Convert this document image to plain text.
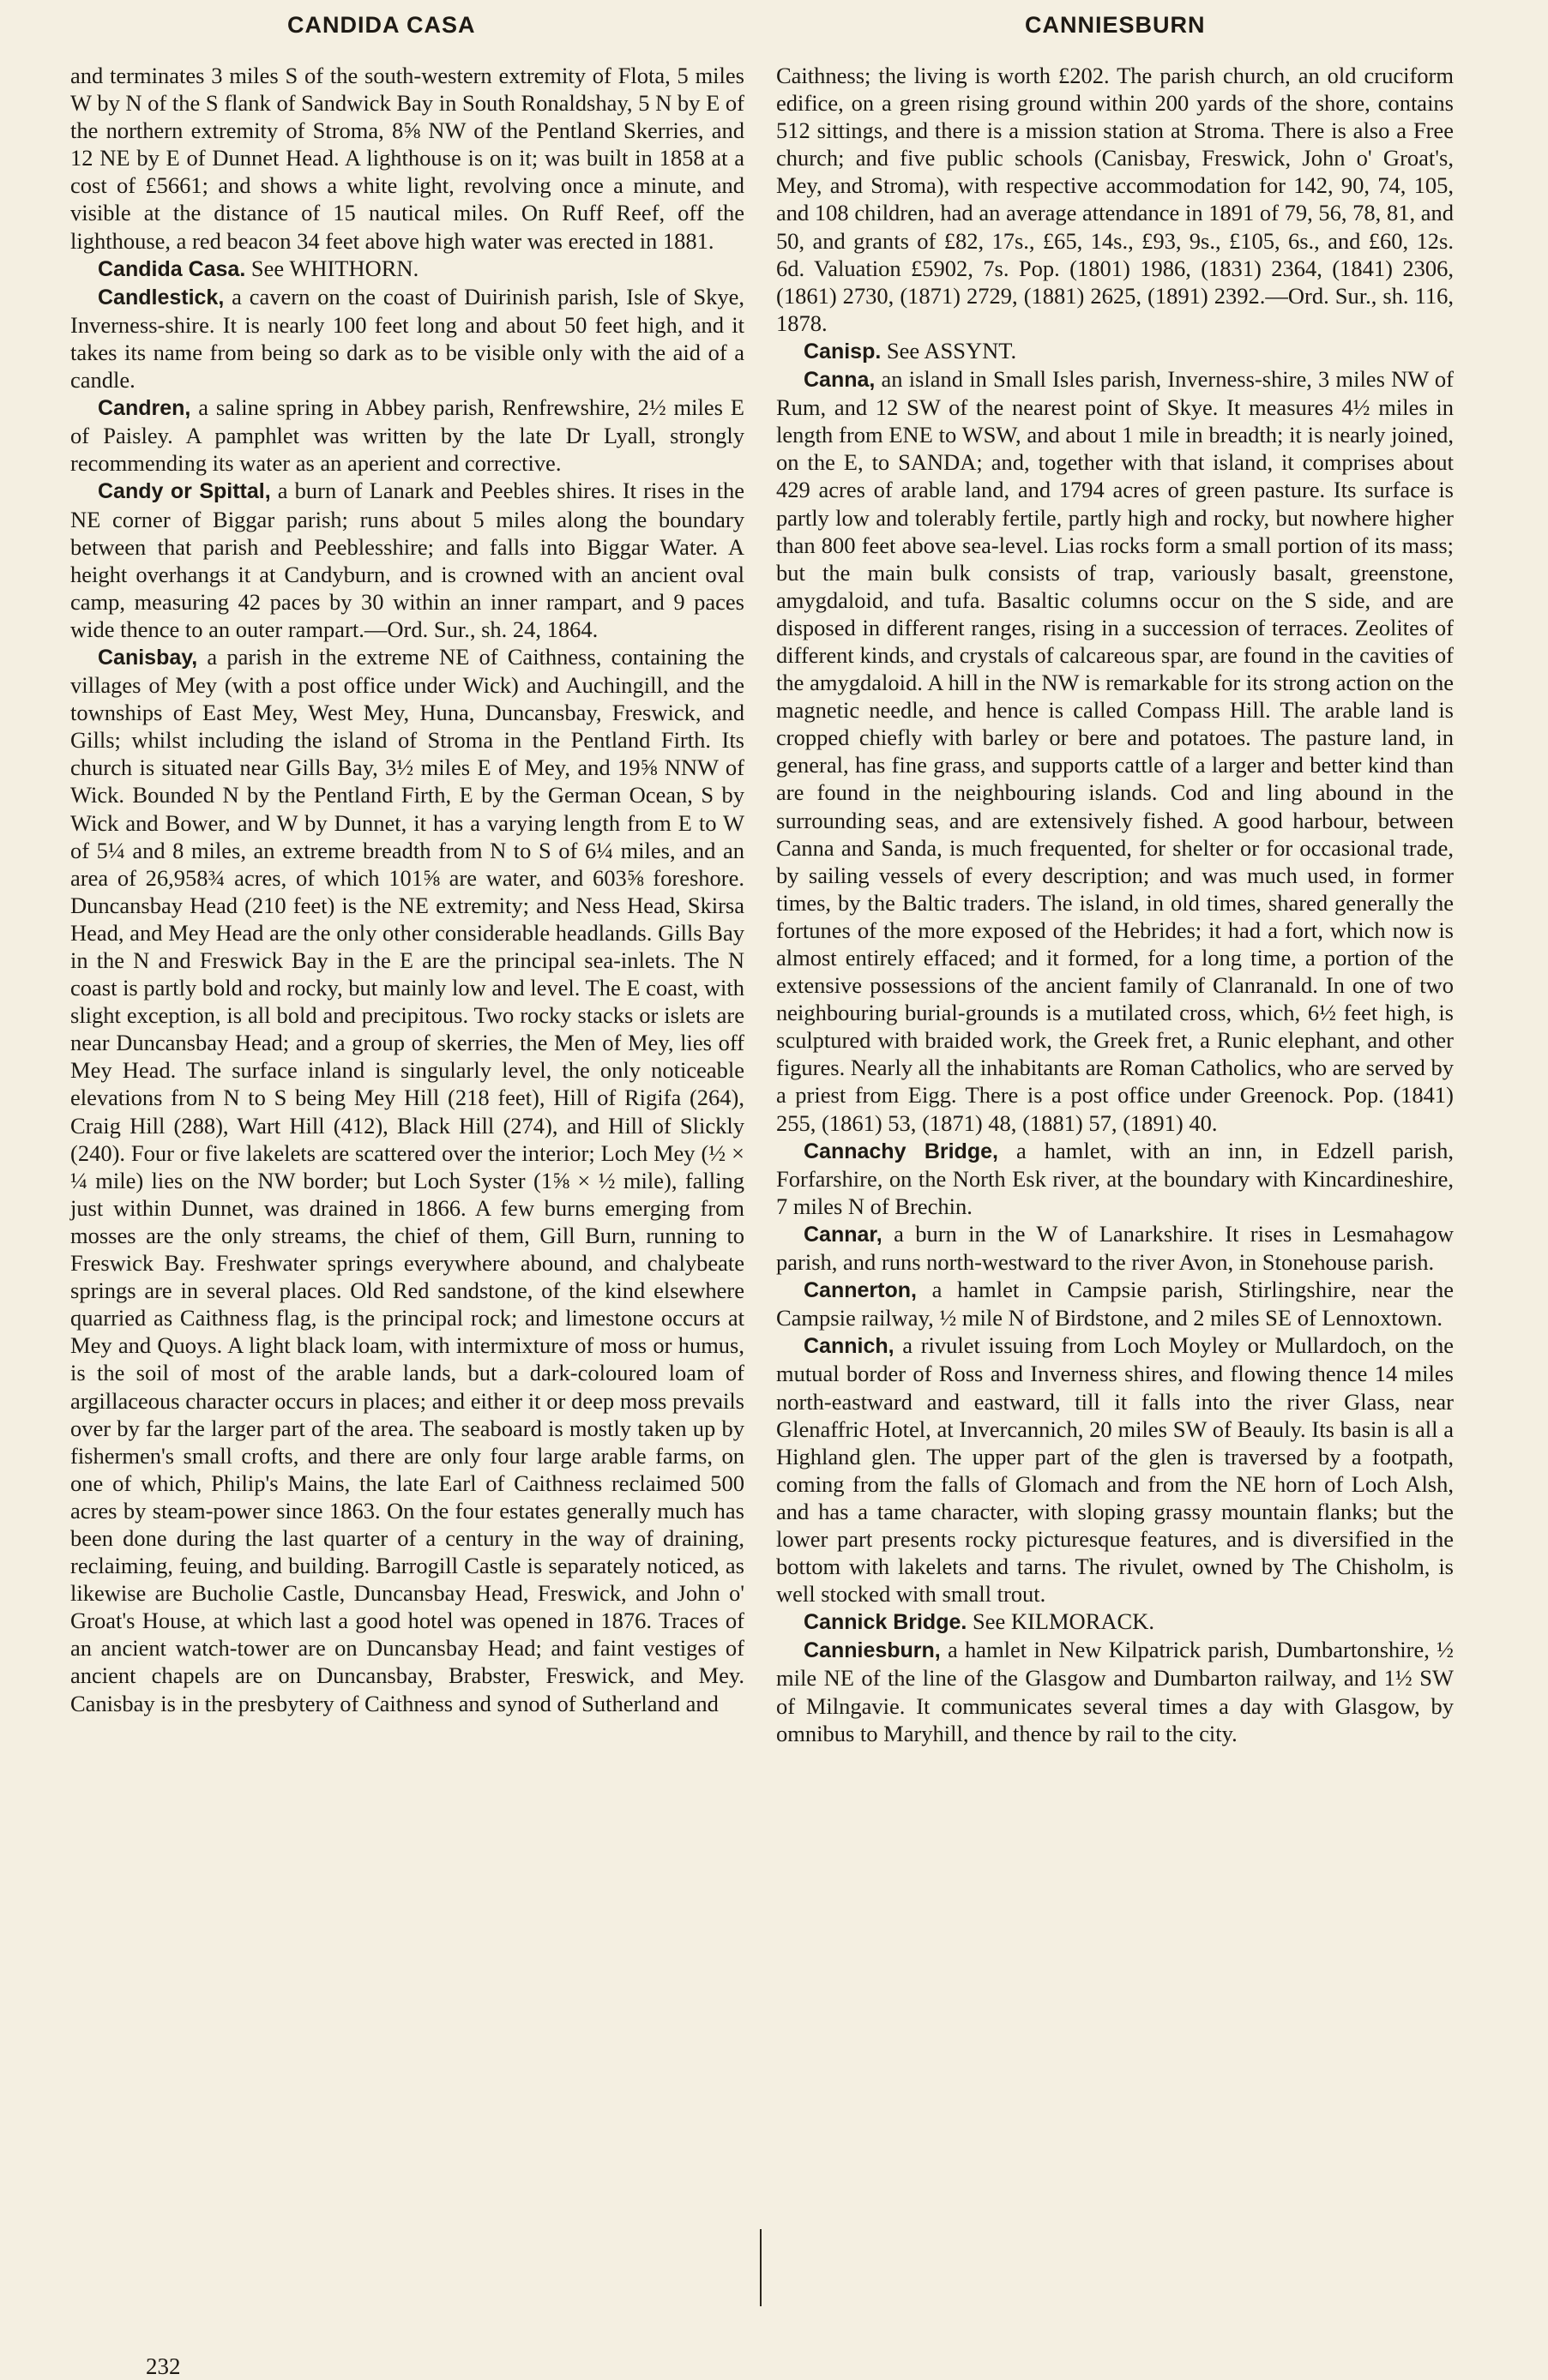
CANDIDA CASA	CANNIESBURN

and terminates 3 miles S of the south-western extremity of Flota, 5 miles W by N of the S flank of Sandwick Bay in South Ronaldshay, 5 N by E of the northern extremity of Stroma, 8⅝ NW of the Pentland Skerries, and 12 NE by E of Dunnet Head. A lighthouse is on it; was built in 1858 at a cost of £5661; and shows a white light, revolving once a minute, and visible at the distance of 15 nautical miles. On Ruff Reef, off the lighthouse, a red beacon 34 feet above high water was erected in 1881.

Candida Casa. See WHITHORN.

Candlestick, a cavern on the coast of Duirinish parish, Isle of Skye, Inverness-shire. It is nearly 100 feet long and about 50 feet high, and it takes its name from being so dark as to be visible only with the aid of a candle.

Candren, a saline spring in Abbey parish, Renfrewshire, 2½ miles E of Paisley. A pamphlet was written by the late Dr Lyall, strongly recommending its water as an aperient and corrective.

Candy or Spittal, a burn of Lanark and Peebles shires. It rises in the NE corner of Biggar parish; runs about 5 miles along the boundary between that parish and Peeblesshire; and falls into Biggar Water. A height overhangs it at Candyburn, and is crowned with an ancient oval camp, measuring 42 paces by 30 within an inner rampart, and 9 paces wide thence to an outer rampart.—Ord. Sur., sh. 24, 1864.

Canisbay, a parish in the extreme NE of Caithness, containing the villages of Mey (with a post office under Wick) and Auchingill, and the townships of East Mey, West Mey, Huna, Duncansbay, Freswick, and Gills; whilst including the island of Stroma in the Pentland Firth. Its church is situated near Gills Bay, 3½ miles E of Mey, and 19⅝ NNW of Wick. Bounded N by the Pentland Firth, E by the German Ocean, S by Wick and Bower, and W by Dunnet, it has a varying length from E to W of 5¼ and 8 miles, an extreme breadth from N to S of 6¼ miles, and an area of 26,958¾ acres, of which 101⅝ are water, and 603⅝ foreshore. Duncansbay Head (210 feet) is the NE extremity; and Ness Head, Skirsa Head, and Mey Head are the only other considerable headlands. Gills Bay in the N and Freswick Bay in the E are the principal sea-inlets. The N coast is partly bold and rocky, but mainly low and level. The E coast, with slight exception, is all bold and precipitous. Two rocky stacks or islets are near Duncansbay Head; and a group of skerries, the Men of Mey, lies off Mey Head. The surface inland is singularly level, the only noticeable elevations from N to S being Mey Hill (218 feet), Hill of Rigifa (264), Craig Hill (288), Wart Hill (412), Black Hill (274), and Hill of Slickly (240). Four or five lakelets are scattered over the interior; Loch Mey (½ × ¼ mile) lies on the NW border; but Loch Syster (1⅝ × ½ mile), falling just within Dunnet, was drained in 1866. A few burns emerging from mosses are the only streams, the chief of them, Gill Burn, running to Freswick Bay. Freshwater springs everywhere abound, and chalybeate springs are in several places. Old Red sandstone, of the kind elsewhere quarried as Caithness flag, is the principal rock; and limestone occurs at Mey and Quoys. A light black loam, with intermixture of moss or humus, is the soil of most of the arable lands, but a dark-coloured loam of argillaceous character occurs in places; and either it or deep moss prevails over by far the larger part of the area. The seaboard is mostly taken up by fishermen's small crofts, and there are only four large arable farms, on one of which, Philip's Mains, the late Earl of Caithness reclaimed 500 acres by steam-power since 1863. On the four estates generally much has been done during the last quarter of a century in the way of draining, reclaiming, feuing, and building. Barrogill Castle is separately noticed, as likewise are Bucholie Castle, Duncansbay Head, Freswick, and John o' Groat's House, at which last a good hotel was opened in 1876. Traces of an ancient watch-tower are on Duncansbay Head; and faint vestiges of ancient chapels are on Duncansbay, Brabster, Freswick, and Mey. Canisbay is in the presbytery of Caithness and synod of Sutherland and

Caithness; the living is worth £202. The parish church, an old cruciform edifice, on a green rising ground within 200 yards of the shore, contains 512 sittings, and there is a mission station at Stroma. There is also a Free church; and five public schools (Canisbay, Freswick, John o' Groat's, Mey, and Stroma), with respective accommodation for 142, 90, 74, 105, and 108 children, had an average attendance in 1891 of 79, 56, 78, 81, and 50, and grants of £82, 17s., £65, 14s., £93, 9s., £105, 6s., and £60, 12s. 6d. Valuation £5902, 7s. Pop. (1801) 1986, (1831) 2364, (1841) 2306, (1861) 2730, (1871) 2729, (1881) 2625, (1891) 2392.—Ord. Sur., sh. 116, 1878.

Canisp. See ASSYNT.

Canna, an island in Small Isles parish, Inverness-shire, 3 miles NW of Rum, and 12 SW of the nearest point of Skye. It measures 4½ miles in length from ENE to WSW, and about 1 mile in breadth; it is nearly joined, on the E, to SANDA; and, together with that island, it comprises about 429 acres of arable land, and 1794 acres of green pasture. Its surface is partly low and tolerably fertile, partly high and rocky, but nowhere higher than 800 feet above sea-level. Lias rocks form a small portion of its mass; but the main bulk consists of trap, variously basalt, greenstone, amygdaloid, and tufa. Basaltic columns occur on the S side, and are disposed in different ranges, rising in a succession of terraces. Zeolites of different kinds, and crystals of calcareous spar, are found in the cavities of the amygdaloid. A hill in the NW is remarkable for its strong action on the magnetic needle, and hence is called Compass Hill. The arable land is cropped chiefly with barley or bere and potatoes. The pasture land, in general, has fine grass, and supports cattle of a larger and better kind than are found in the neighbouring islands. Cod and ling abound in the surrounding seas, and are extensively fished. A good harbour, between Canna and Sanda, is much frequented, for shelter or for occasional trade, by sailing vessels of every description; and was much used, in former times, by the Baltic traders. The island, in old times, shared generally the fortunes of the more exposed of the Hebrides; it had a fort, which now is almost entirely effaced; and it formed, for a long time, a portion of the extensive possessions of the ancient family of Clanranald. In one of two neighbouring burial-grounds is a mutilated cross, which, 6½ feet high, is sculptured with braided work, the Greek fret, a Runic elephant, and other figures. Nearly all the inhabitants are Roman Catholics, who are served by a priest from Eigg. There is a post office under Greenock. Pop. (1841) 255, (1861) 53, (1871) 48, (1881) 57, (1891) 40.

Cannachy Bridge, a hamlet, with an inn, in Edzell parish, Forfarshire, on the North Esk river, at the boundary with Kincardineshire, 7 miles N of Brechin.

Cannar, a burn in the W of Lanarkshire. It rises in Lesmahagow parish, and runs north-westward to the river Avon, in Stonehouse parish.

Cannerton, a hamlet in Campsie parish, Stirlingshire, near the Campsie railway, ½ mile N of Birdstone, and 2 miles SE of Lennoxtown.

Cannich, a rivulet issuing from Loch Moyley or Mullardoch, on the mutual border of Ross and Inverness shires, and flowing thence 14 miles north-eastward and eastward, till it falls into the river Glass, near Glenaffric Hotel, at Invercannich, 20 miles SW of Beauly. Its basin is all a Highland glen. The upper part of the glen is traversed by a footpath, coming from the falls of Glomach and from the NE horn of Loch Alsh, and has a tame character, with sloping grassy mountain flanks; but the lower part presents rocky picturesque features, and is diversified in the bottom with lakelets and tarns. The rivulet, owned by The Chisholm, is well stocked with small trout.

Cannick Bridge. See KILMORACK.

Canniesburn, a hamlet in New Kilpatrick parish, Dumbartonshire, ½ mile NE of the line of the Glasgow and Dumbarton railway, and 1½ SW of Milngavie. It communicates several times a day with Glasgow, by omnibus to Maryhill, and thence by rail to the city.

232
